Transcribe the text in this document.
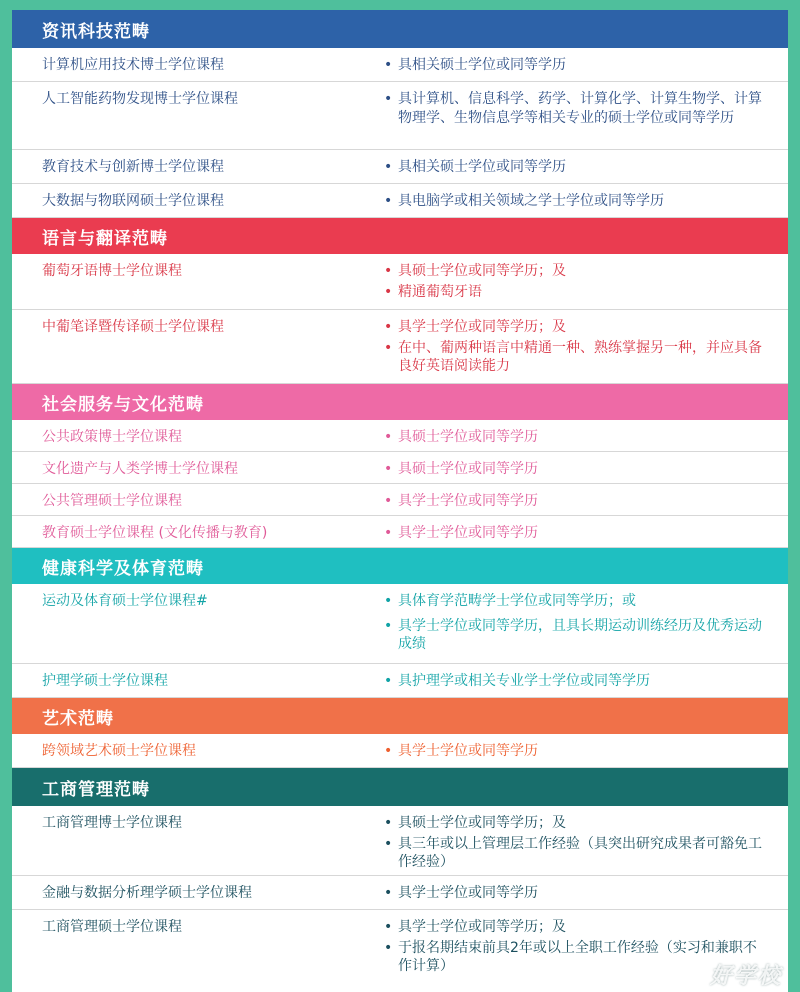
资讯科技范畴
计算机应用技术博士学位课程	• 具相关硕士学位或同等学历
人工智能药物发现博士学位课程	• 具计算机、信息科学、药学、计算化学、计算生物学、计算物理学、生物信息学等相关专业的硕士学位或同等学历
教育技术与创新博士学位课程	• 具相关硕士学位或同等学历
大数据与物联网硕士学位课程	• 具电脑学或相关领域之学士学位或同等学历
语言与翻译范畴
葡萄牙语博士学位课程	• 具硕士学位或同等学历；及
• 精通葡萄牙语
中葡笔译暨传译硕士学位课程	• 具学士学位或同等学历；及
• 在中、葡两种语言中精通一种、熟练掌握另一种，并应具备良好英语阅读能力
社会服务与文化范畴
公共政策博士学位课程	• 具硕士学位或同等学历
文化遗产与人类学博士学位课程	• 具硕士学位或同等学历
公共管理硕士学位课程	• 具学士学位或同等学历
教育硕士学位课程 (文化传播与教育)	• 具学士学位或同等学历
健康科学及体育范畴
运动及体育硕士学位课程#	• 具体育学范畴学士学位或同等学历；或
• 具学士学位或同等学历，且具长期运动训练经历及优秀运动成绩
护理学硕士学位课程	• 具护理学或相关专业学士学位或同等学历
艺术范畴
跨领域艺术硕士学位课程	• 具学士学位或同等学历
工商管理范畴
工商管理博士学位课程	• 具硕士学位或同等学历；及
• 具三年或以上管理层工作经验（具突出研究成果者可豁免工作经验）
金融与数据分析理学硕士学位课程	• 具学士学位或同等学历
工商管理硕士学位课程	• 具学士学位或同等学历；及
• 于报名期结束前具2年或以上全职工作经验（实习和兼职不作计算）	好学校
